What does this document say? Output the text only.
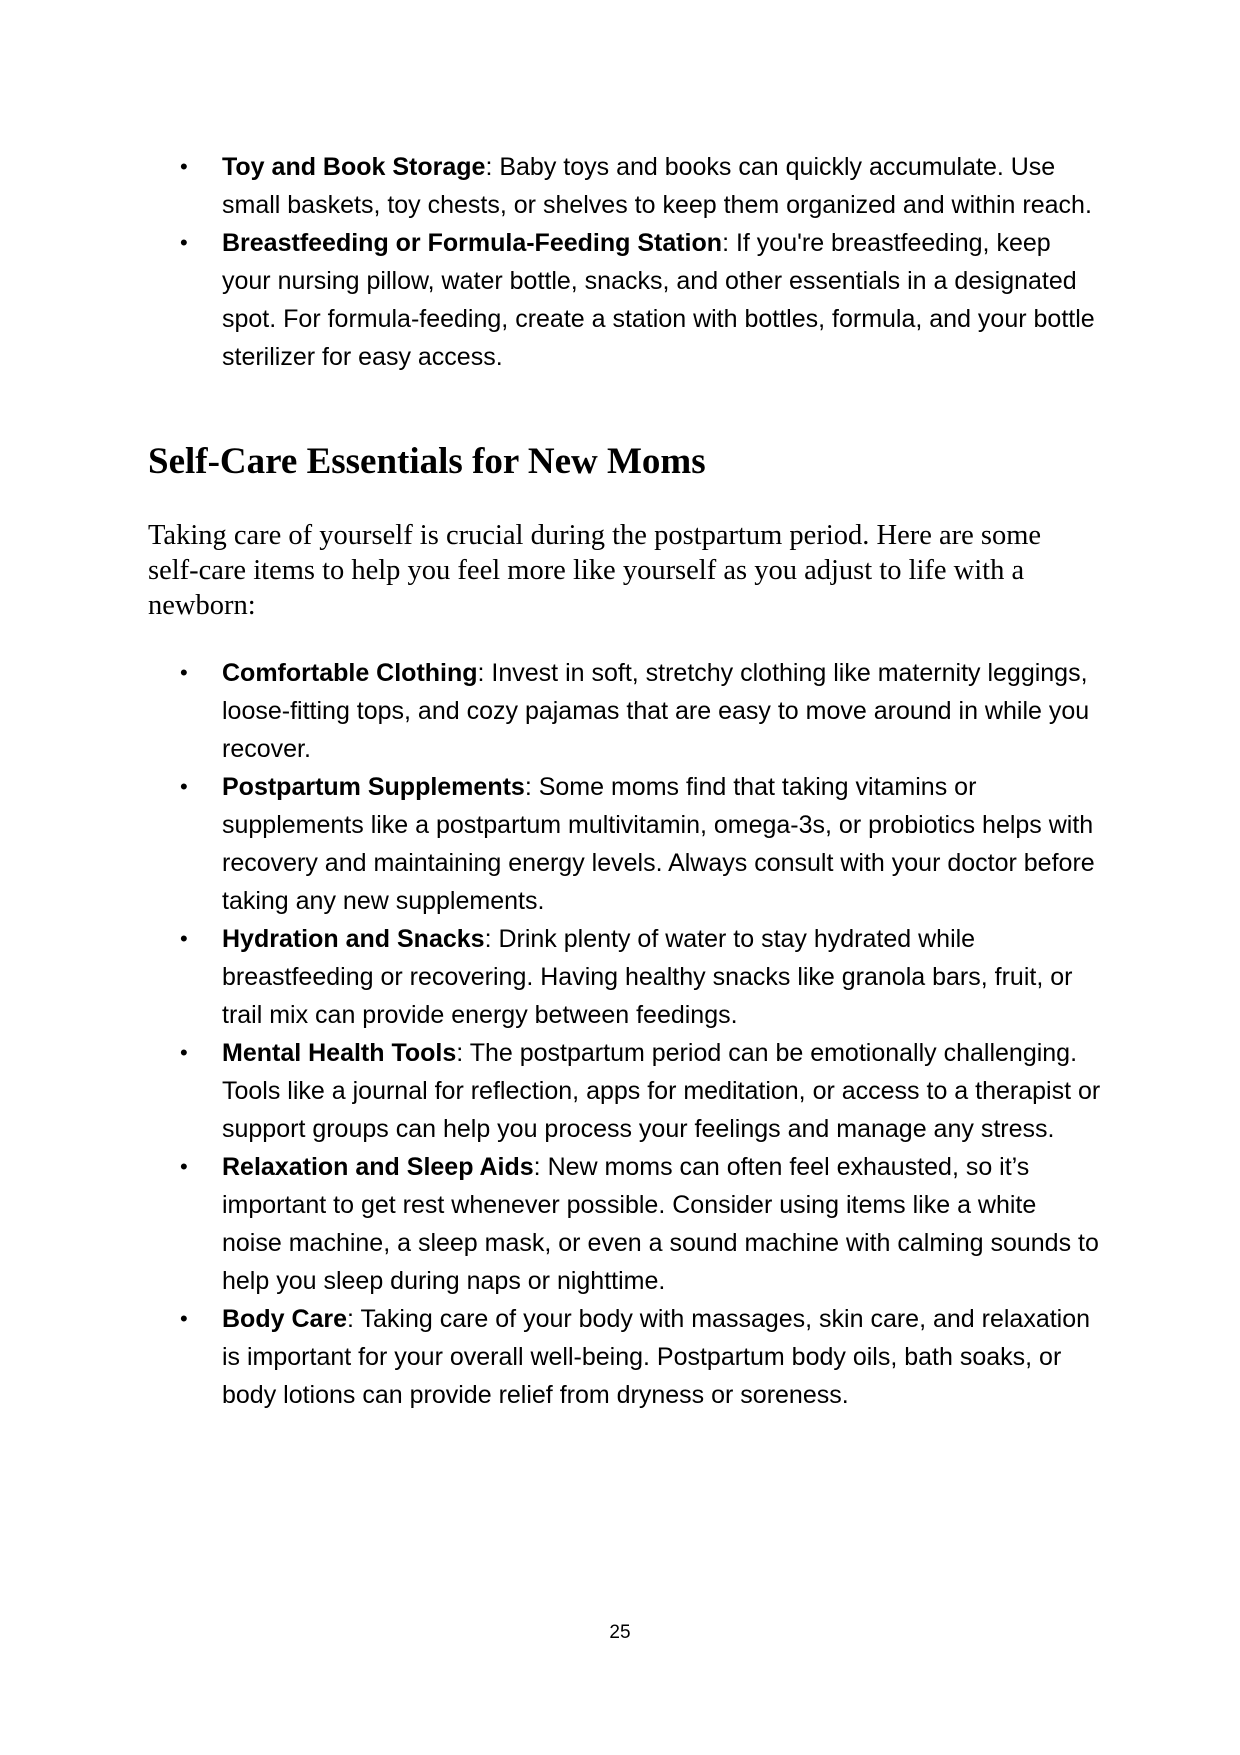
• Toy and Book Storage: Baby toys and books can quickly accumulate. Use small baskets, toy chests, or shelves to keep them organized and within reach.
• Breastfeeding or Formula-Feeding Station: If you're breastfeeding, keep your nursing pillow, water bottle, snacks, and other essentials in a designated spot. For formula-feeding, create a station with bottles, formula, and your bottle sterilizer for easy access.
Self-Care Essentials for New Moms

Taking care of yourself is crucial during the postpartum period. Here are some self-care items to help you feel more like yourself as you adjust to life with a newborn:

• Comfortable Clothing: Invest in soft, stretchy clothing like maternity leggings, loose-fitting tops, and cozy pajamas that are easy to move around in while you recover.
• Postpartum Supplements: Some moms find that taking vitamins or supplements like a postpartum multivitamin, omega-3s, or probiotics helps with recovery and maintaining energy levels. Always consult with your doctor before taking any new supplements.
• Hydration and Snacks: Drink plenty of water to stay hydrated while breastfeeding or recovering. Having healthy snacks like granola bars, fruit, or trail mix can provide energy between feedings.
• Mental Health Tools: The postpartum period can be emotionally challenging. Tools like a journal for reflection, apps for meditation, or access to a therapist or support groups can help you process your feelings and manage any stress.
• Relaxation and Sleep Aids: New moms can often feel exhausted, so it’s important to get rest whenever possible. Consider using items like a white noise machine, a sleep mask, or even a sound machine with calming sounds to help you sleep during naps or nighttime.
• Body Care: Taking care of your body with massages, skin care, and relaxation is important for your overall well-being. Postpartum body oils, bath soaks, or body lotions can provide relief from dryness or soreness.
25
